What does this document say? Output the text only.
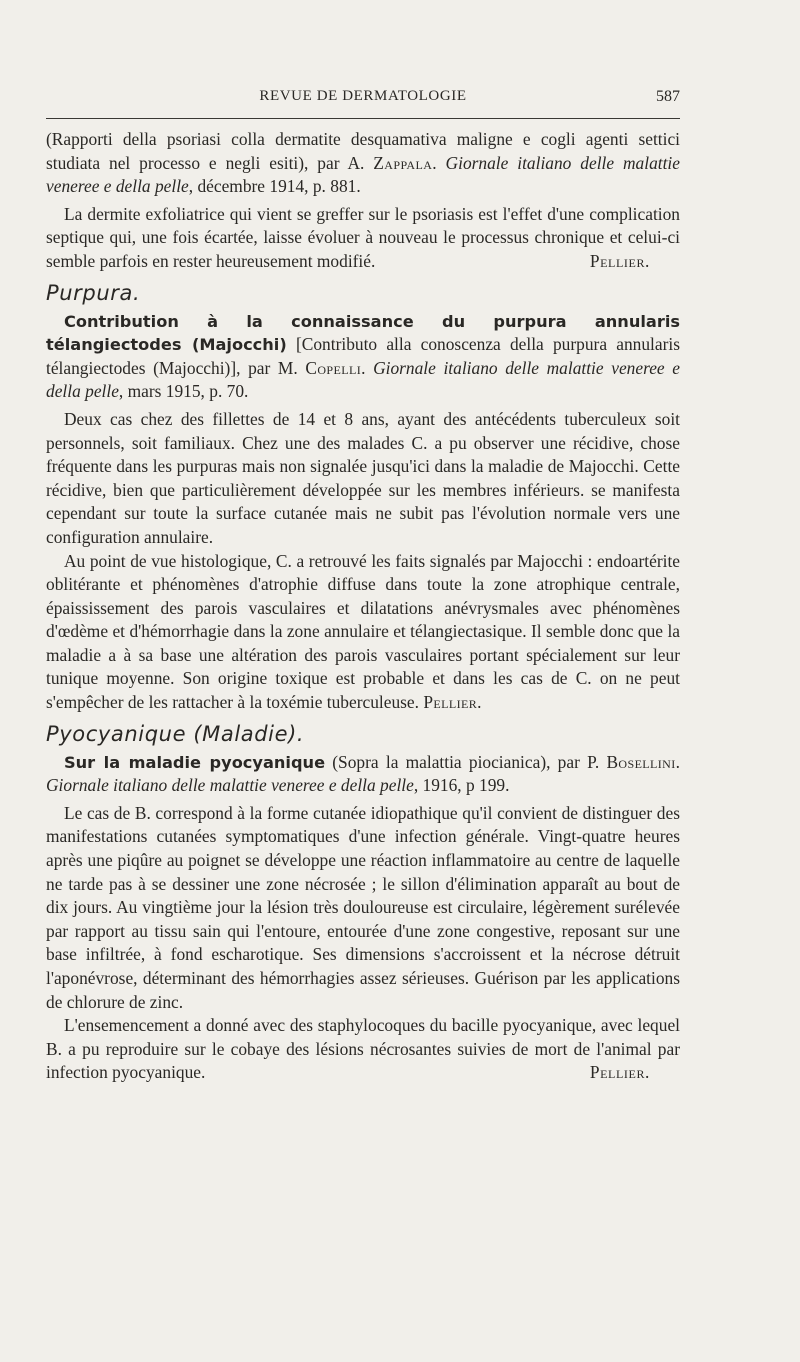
REVUE DE DERMATOLOGIE	587

(Rapporti della psoriasi colla dermatite desquamativa maligne e cogli agenti settici studiata nel processo e negli esiti), par A. Zappala. Giornale italiano delle malattie veneree e della pelle, décembre 1914, p. 881.

La dermite exfoliatrice qui vient se greffer sur le psoriasis est l'effet d'une complication septique qui, une fois écartée, laisse évoluer à nouveau le processus chronique et celui-ci semble parfois en rester heureusement modifié.	Pellier.

Purpura.

Contribution à la connaissance du purpura annularis télangiectodes (Majocchi) [Contributo alla conoscenza della purpura annularis télangiectodes (Majocchi)], par M. Copelli. Giornale italiano delle malattie veneree e della pelle, mars 1915, p. 70.

Deux cas chez des fillettes de 14 et 8 ans, ayant des antécédents tuberculeux soit personnels, soit familiaux. Chez une des malades C. a pu observer une récidive, chose fréquente dans les purpuras mais non signalée jusqu'ici dans la maladie de Majocchi. Cette récidive, bien que particulièrement développée sur les membres inférieurs. se manifesta cependant sur toute la surface cutanée mais ne subit pas l'évolution normale vers une configuration annulaire.

Au point de vue histologique, C. a retrouvé les faits signalés par Majocchi : endoartérite oblitérante et phénomènes d'atrophie diffuse dans toute la zone atrophique centrale, épaississement des parois vasculaires et dilatations anévrysmales avec phénomènes d'œdème et d'hémorrhagie dans la zone annulaire et télangiectasique. Il semble donc que la maladie a à sa base une altération des parois vasculaires portant spécialement sur leur tunique moyenne. Son origine toxique est probable et dans les cas de C. on ne peut s'empêcher de les rattacher à la toxémie tuberculeuse. Pellier.

Pyocyanique (Maladie).

Sur la maladie pyocyanique (Sopra la malattia piocianica), par P. Bosellini. Giornale italiano delle malattie veneree e della pelle, 1916, p 199.

Le cas de B. correspond à la forme cutanée idiopathique qu'il convient de distinguer des manifestations cutanées symptomatiques d'une infection générale. Vingt-quatre heures après une piqûre au poignet se développe une réaction inflammatoire au centre de laquelle ne tarde pas à se dessiner une zone nécrosée ; le sillon d'élimination apparaît au bout de dix jours. Au vingtième jour la lésion très douloureuse est circulaire, légèrement surélevée par rapport au tissu sain qui l'entoure, entourée d'une zone congestive, reposant sur une base infiltrée, à fond escharotique. Ses dimensions s'accroissent et la nécrose détruit l'aponévrose, déterminant des hémorrhagies assez sérieuses. Guérison par les applications de chlorure de zinc.

L'ensemencement a donné avec des staphylocoques du bacille pyocyanique, avec lequel B. a pu reproduire sur le cobaye des lésions nécrosantes suivies de mort de l'animal par infection pyocyanique.	Pellier.
